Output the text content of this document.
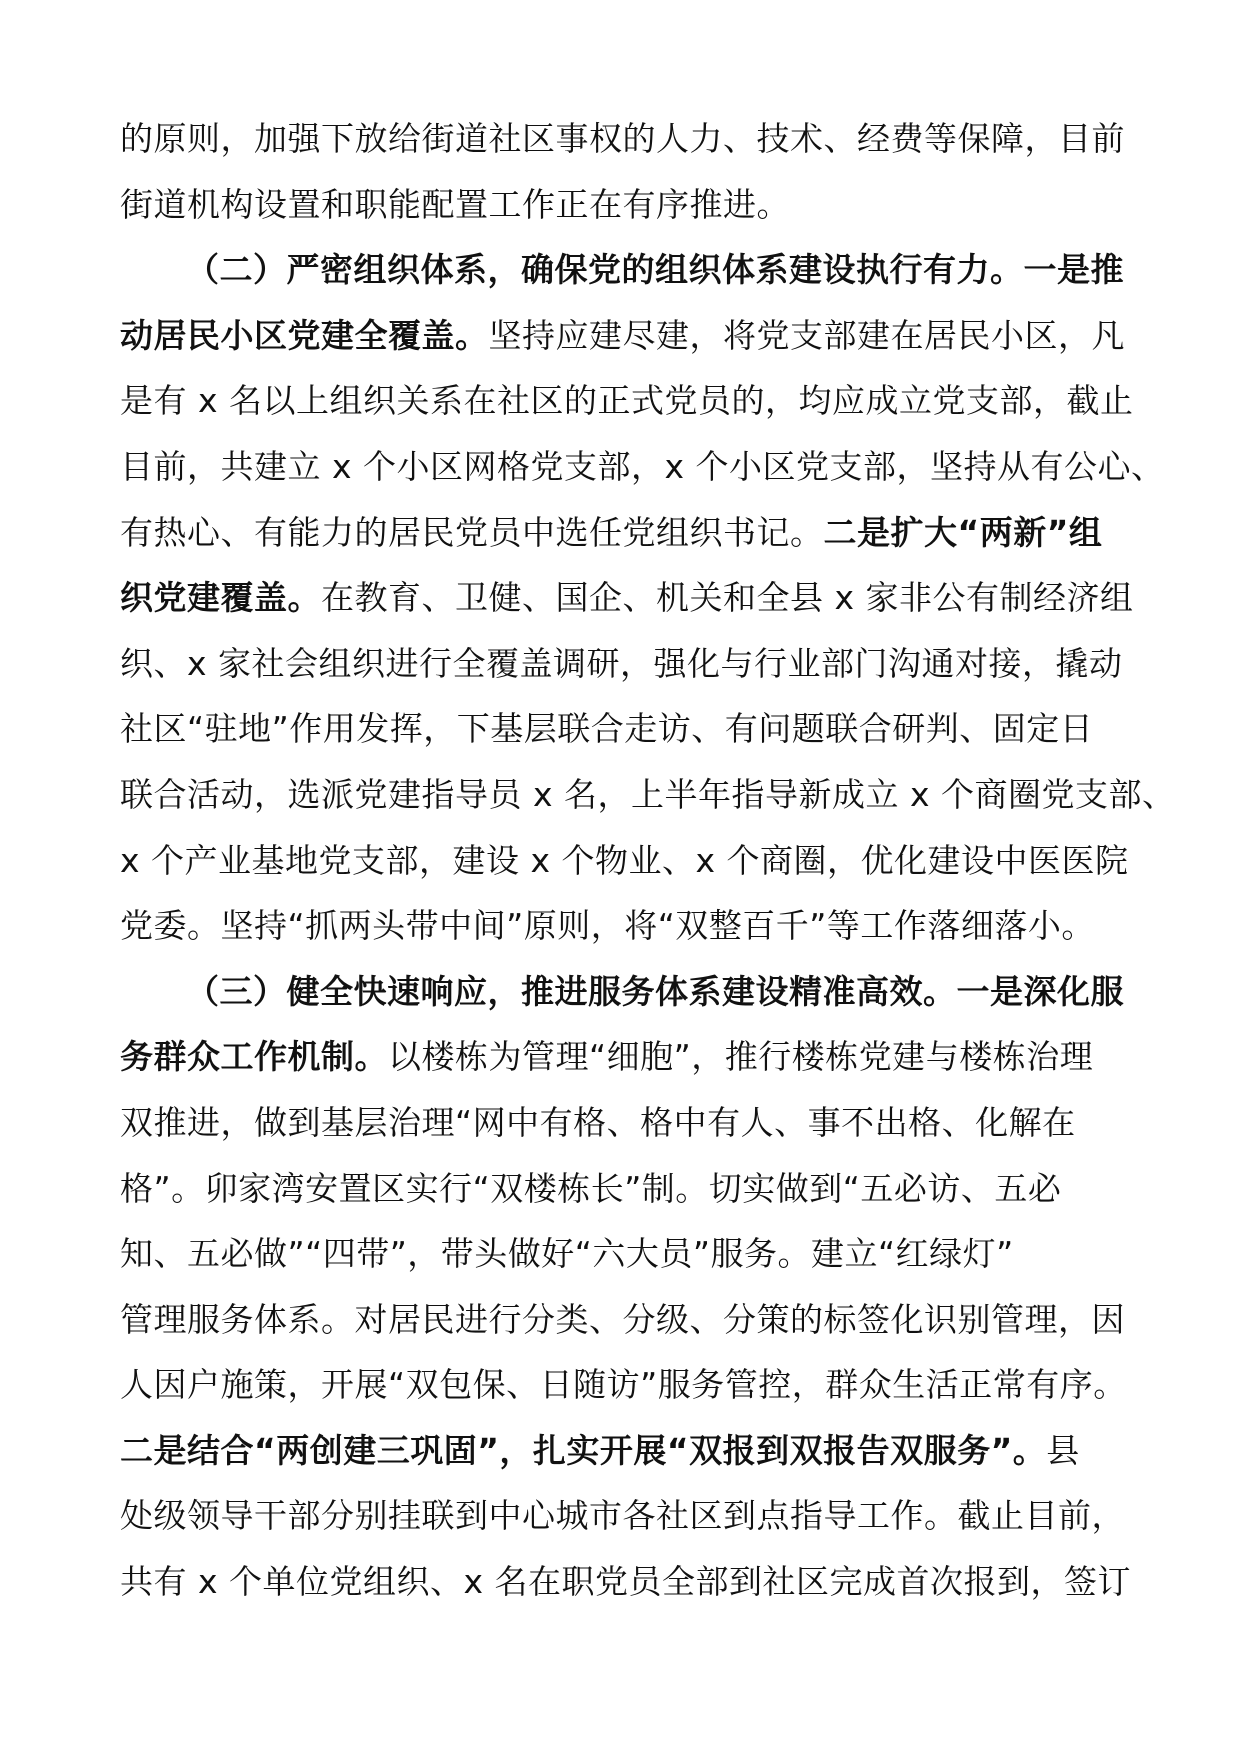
的原则，加强下放给街道社区事权的人力、技术、经费等保障，目前
街道机构设置和职能配置工作正在有序推进。
（二）严密组织体系，确保党的组织体系建设执行有力。一是推
动居民小区党建全覆盖。坚持应建尽建，将党支部建在居民小区，凡
是有 x 名以上组织关系在社区的正式党员的，均应成立党支部，截止
目前，共建立 x 个小区网格党支部，x 个小区党支部，坚持从有公心、
有热心、有能力的居民党员中选任党组织书记。二是扩大“两新”组
织党建覆盖。在教育、卫健、国企、机关和全县 x 家非公有制经济组
织、x 家社会组织进行全覆盖调研，强化与行业部门沟通对接，撬动
社区“驻地”作用发挥，下基层联合走访、有问题联合研判、固定日
联合活动，选派党建指导员 x 名，上半年指导新成立 x 个商圈党支部、
x 个产业基地党支部，建设 x 个物业、x 个商圈，优化建设中医医院
党委。坚持“抓两头带中间”原则，将“双整百千”等工作落细落小。
（三）健全快速响应，推进服务体系建设精准高效。一是深化服
务群众工作机制。以楼栋为管理“细胞”，推行楼栋党建与楼栋治理
双推进，做到基层治理“网中有格、格中有人、事不出格、化解在
格”。卯家湾安置区实行“双楼栋长”制。切实做到“五必访、五必
知、五必做”“四带”，带头做好“六大员”服务。建立“红绿灯”
管理服务体系。对居民进行分类、分级、分策的标签化识别管理，因
人因户施策，开展“双包保、日随访”服务管控，群众生活正常有序。
二是结合“两创建三巩固”，扎实开展“双报到双报告双服务”。县
处级领导干部分别挂联到中心城市各社区到点指导工作。截止目前，
共有 x 个单位党组织、x 名在职党员全部到社区完成首次报到，签订
